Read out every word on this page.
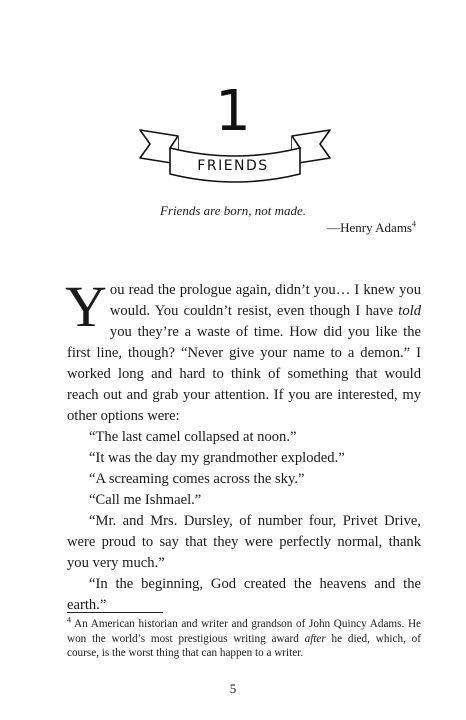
1
FRIENDS
Friends are born, not made.
—Henry Adams$^4$

You read the prologue again, didn’t you… I knew you would. You couldn’t resist, even though I have told you they’re a waste of time. How did you like the first line, though? “Never give your name to a demon.” I worked long and hard to think of something that would reach out and grab your attention. If you are interested, my other options were:

“The last camel collapsed at noon.”

“It was the day my grandmother exploded.”

“A screaming comes across the sky.”

“Call me Ishmael.”

“Mr. and Mrs. Dursley, of number four, Privet Drive, were proud to say that they were perfectly normal, thank you very much.”

“In the beginning, God created the heavens and the earth.”

$^4$ An American historian and writer and grandson of John Quincy Adams. He won the world’s most prestigious writing award after he died, which, of course, is the worst thing that can happen to a writer.
5
